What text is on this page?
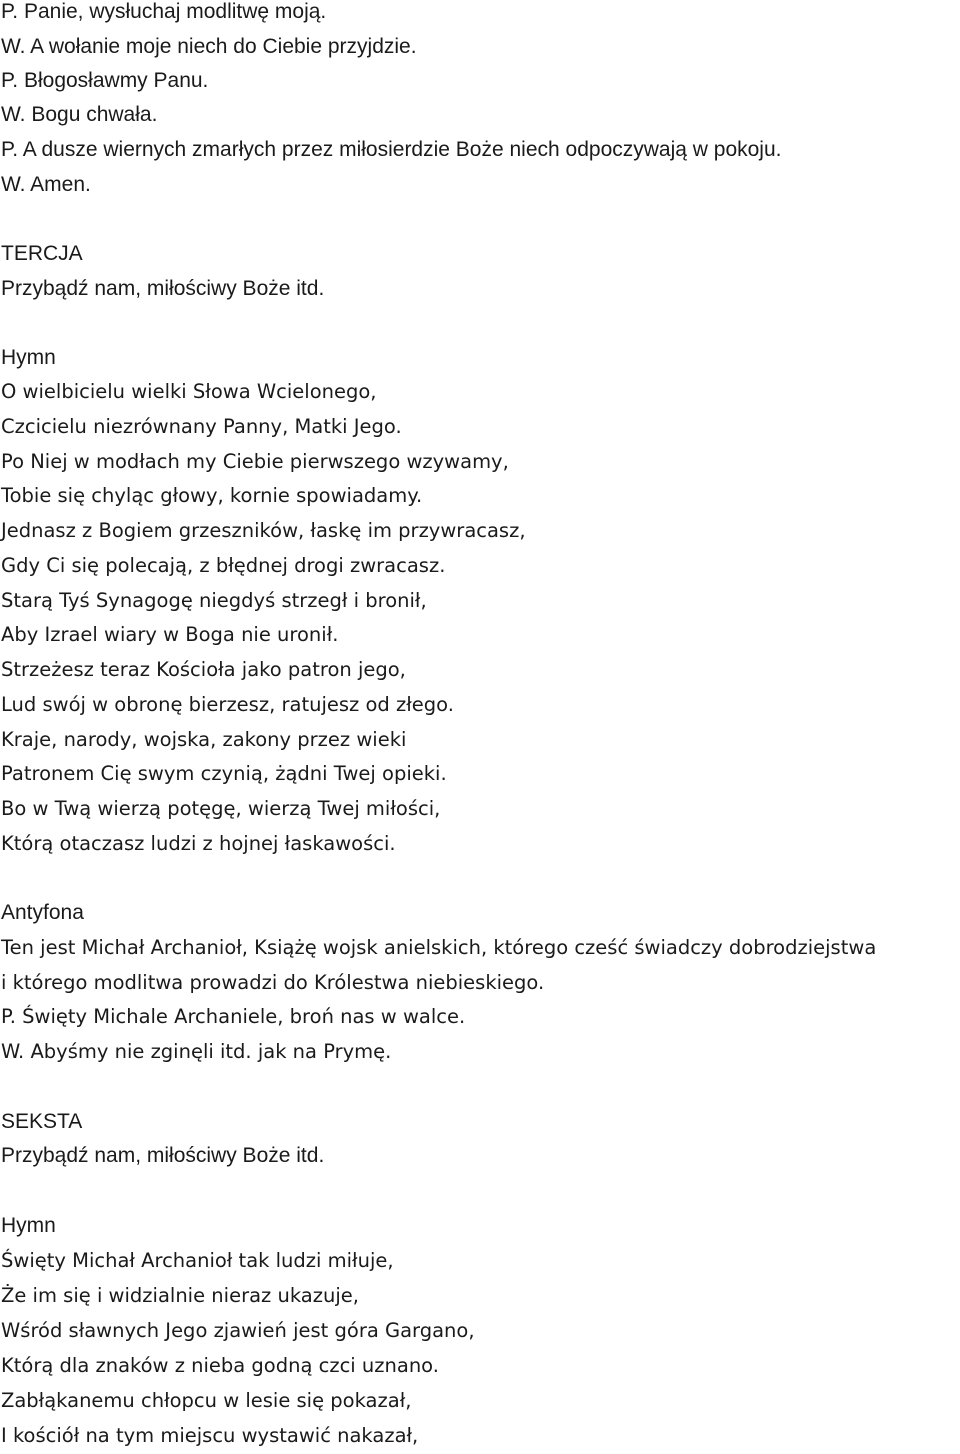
P. Panie, wysłuchaj modlitwę moją.
W. A wołanie moje niech do Ciebie przyjdzie.
P. Błogosławmy Panu.
W. Bogu chwała.
P. A dusze wiernych zmarłych przez miłosierdzie Boże niech odpoczywają w pokoju.
W. Amen.
TERCJA
Przybądź nam, miłościwy Boże itd.
Hymn
O wielbicielu wielki Słowa Wcielonego,
Czcicielu niezrównany Panny, Matki Jego.
Po Niej w modłach my Ciebie pierwszego wzywamy,
Tobie się chyląc głowy, kornie spowiadamy.
Jednasz z Bogiem grzeszników, łaskę im przywracasz,
Gdy Ci się polecają, z błędnej drogi zwracasz.
Starą Tyś Synagogę niegdyś strzegł i bronił,
Aby Izrael wiary w Boga nie uronił.
Strzeżesz teraz Kościoła jako patron jego,
Lud swój w obronę bierzesz, ratujesz od złego.
Kraje, narody, wojska, zakony przez wieki
Patronem Cię swym czynią, żądni Twej opieki.
Bo w Twą wierzą potęgę, wierzą Twej miłości,
Którą otaczasz ludzi z hojnej łaskawości.
Antyfona
Ten jest Michał Archanioł, Książę wojsk anielskich, którego cześć świadczy dobrodziejstwa
i którego modlitwa prowadzi do Królestwa niebieskiego.
P. Święty Michale Archaniele, broń nas w walce.
W. Abyśmy nie zginęli itd. jak na Prymę.
SEKSTA
Przybądź nam, miłościwy Boże itd.
Hymn
Święty Michał Archanioł tak ludzi miłuje,
Że im się i widzialnie nieraz ukazuje,
Wśród sławnych Jego zjawień jest góra Gargano,
Którą dla znaków z nieba godną czci uznano.
Zabłąkanemu chłopcu w lesie się pokazał,
I kościół na tym miejscu wystawić nakazał,
